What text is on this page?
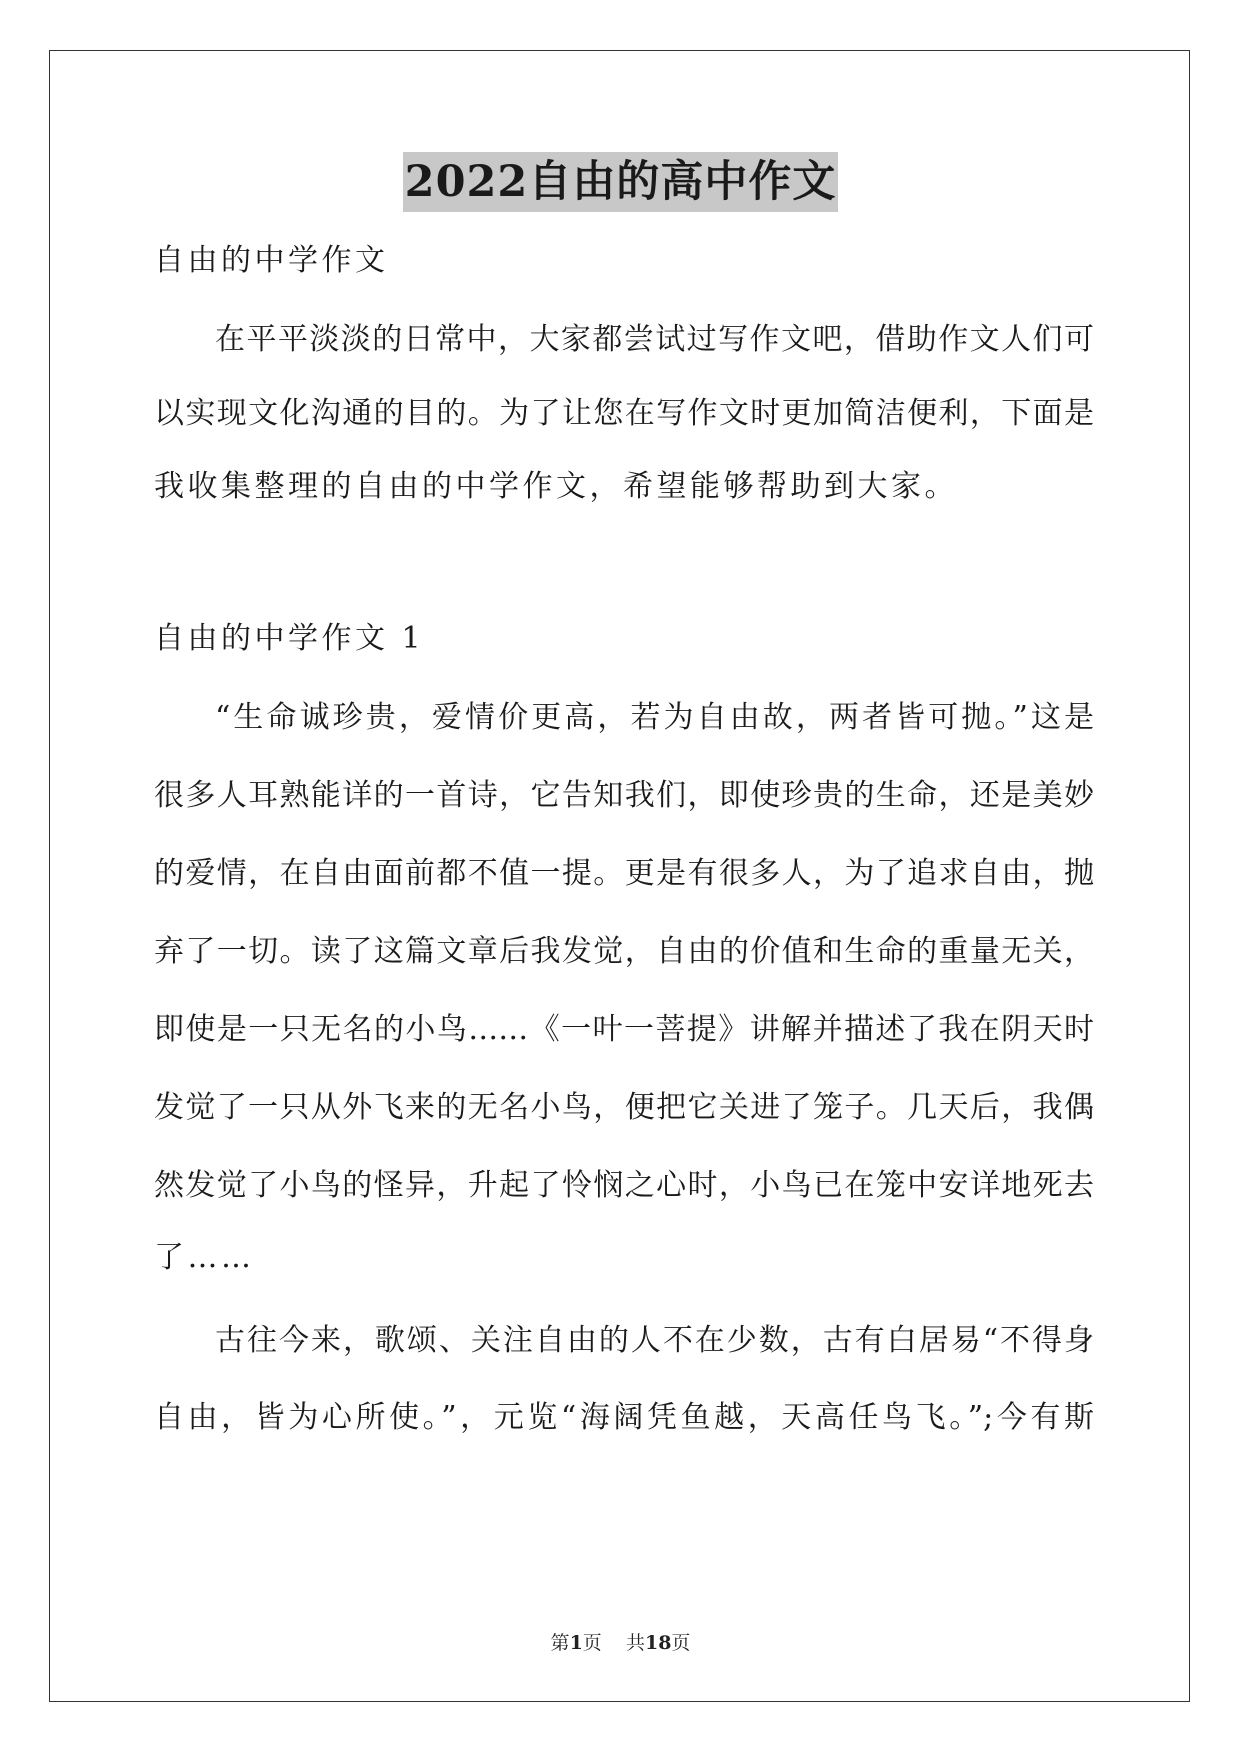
2022自由的高中作文
自由的中学作文
在平平淡淡的日常中，大家都尝试过写作文吧，借助作文人们可
以实现文化沟通的目的。为了让您在写作文时更加简洁便利，下面是
我收集整理的自由的中学作文，希望能够帮助到大家。
自由的中学作文 1
“生命诚珍贵，爱情价更高，若为自由故，两者皆可抛。”这是
很多人耳熟能详的一首诗，它告知我们，即使珍贵的生命，还是美妙
的爱情，在自由面前都不值一提。更是有很多人，为了追求自由，抛
弃了一切。读了这篇文章后我发觉，自由的价值和生命的重量无关，
即使是一只无名的小鸟……《一叶一菩提》讲解并描述了我在阴天时
发觉了一只从外飞来的无名小鸟，便把它关进了笼子。几天后，我偶
然发觉了小鸟的怪异，升起了怜悯之心时，小鸟已在笼中安详地死去
了……
古往今来，歌颂、关注自由的人不在少数，古有白居易“不得身
自由，皆为心所使。”，元览“海阔凭鱼越，天高任鸟飞。”;今有斯
第1页    共18页
